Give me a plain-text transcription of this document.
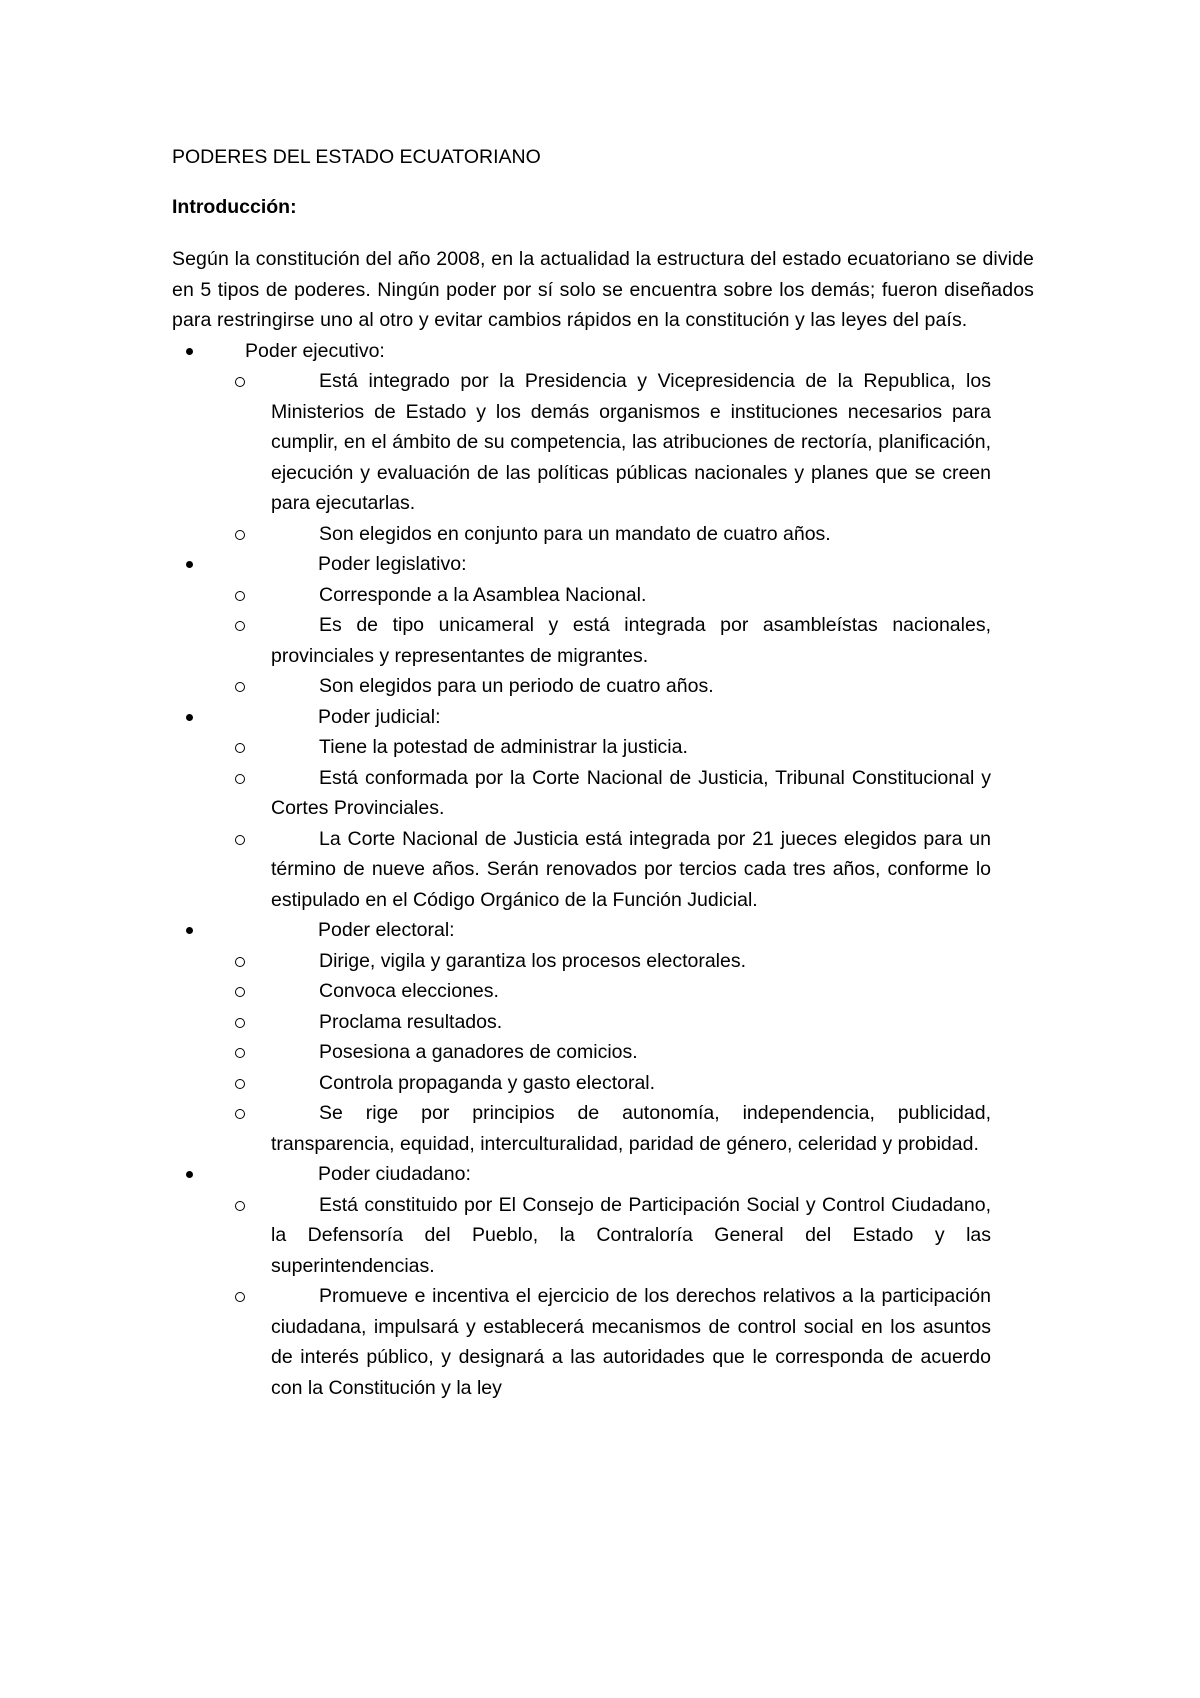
PODERES DEL ESTADO ECUATORIANO

Introducción:

Según la constitución del año 2008, en la actualidad la estructura del estado ecuatoriano se divide en 5 tipos de poderes. Ningún poder por sí solo se encuentra sobre los demás; fueron diseñados para restringirse uno al otro y evitar cambios rápidos en la constitución y las leyes del país.

Poder ejecutivo:
Está integrado por la Presidencia y Vicepresidencia de la Republica, los Ministerios de Estado y los demás organismos e instituciones necesarios para cumplir, en el ámbito de su competencia, las atribuciones de rectoría, planificación, ejecución y evaluación de las políticas públicas nacionales y planes que se creen para ejecutarlas.
Son elegidos en conjunto para un mandato de cuatro años.
Poder legislativo:
Corresponde a la Asamblea Nacional.
Es de tipo unicameral y está integrada por asambleístas nacionales, provinciales y representantes de migrantes.
Son elegidos para un periodo de cuatro años.
Poder judicial:
Tiene la potestad de administrar la justicia.
Está conformada por la Corte Nacional de Justicia, Tribunal Constitucional y Cortes Provinciales.
La Corte Nacional de Justicia está integrada por 21 jueces elegidos para un término de nueve años. Serán renovados por tercios cada tres años, conforme lo estipulado en el Código Orgánico de la Función Judicial.
Poder electoral:
Dirige, vigila y garantiza los procesos electorales.
Convoca elecciones.
Proclama resultados.
Posesiona a ganadores de comicios.
Controla propaganda y gasto electoral.
Se rige por principios de autonomía, independencia, publicidad, transparencia, equidad, interculturalidad, paridad de género, celeridad y probidad.
Poder ciudadano:
Está constituido por El Consejo de Participación Social y Control Ciudadano, la Defensoría del Pueblo, la Contraloría General del Estado y las superintendencias.
Promueve e incentiva el ejercicio de los derechos relativos a la participación ciudadana, impulsará y establecerá mecanismos de control social en los asuntos de interés público, y designará a las autoridades que le corresponda de acuerdo con la Constitución y la ley
